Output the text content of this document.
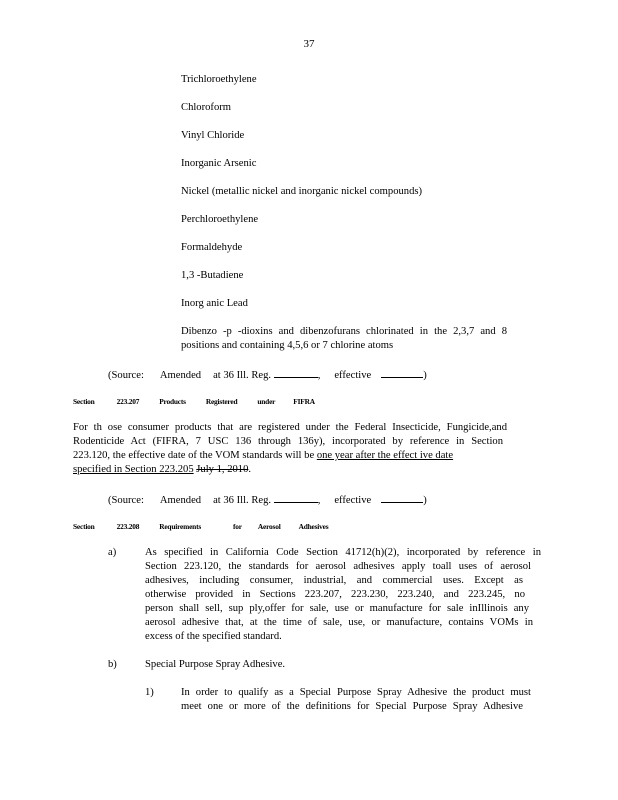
37
Trichloroethylene
Chloroform
Vinyl Chloride
Inorganic Arsenic
Nickel (metallic nickel and inorganic nickel compounds)
Perchloroethylene
Formaldehyde
1,3 -Butadiene
Inorg anic Lead
Dibenzo -p -dioxins and dibenzofurans chlorinated in the 2,3,7 and 8
positions and containing 4,5,6 or 7 chlorine atoms
(Source: Amended at 36 Ill. Reg.	, effective	)
Section	223.207	Products	Registered	under FIFRA
For th ose consumer products that are registered under the Federal Insecticide, Fungicide,and
Rodenticide Act (FIFRA, 7 USC 136 through 136y), incorporated by reference in Section
223.120, the effective date of the VOM standards will be one year after the effect ive date
specified in Section 223.205 July 1, 2010.
(Source: Amended at 36 Ill. Reg.	, effective	)
Section	223.208	Requirements	for Aerosol Adhesives
a)	As specified in California Code Section 41712(h)(2), incorporated by reference in
Section 223.120, the standards for aerosol adhesives apply toall uses of aerosol
adhesives, including consumer, industrial, and commercial uses. Except as
otherwise provided in Sections 223.207, 223.230, 223.240, and 223.245, no
person shall sell, sup ply,offer for sale, use or manufacture for sale inIllinois any
aerosol adhesive that, at the time of sale, use, or manufacture, contains VOMs in
excess of the specified standard.
b)	Special Purpose Spray Adhesive.
1)	In order to qualify as a Special Purpose Spray Adhesive the product must
meet one or more of the definitions for Special Purpose Spray Adhesive
